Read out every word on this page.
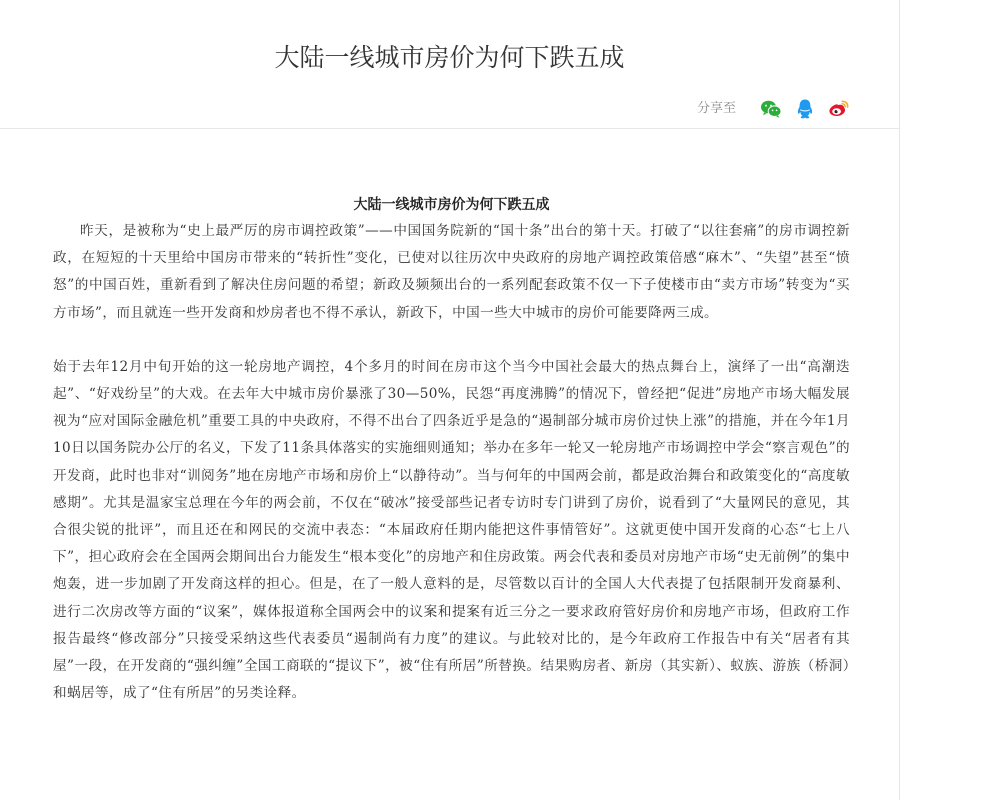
大陆一线城市房价为何下跌五成
分享至
大陆一线城市房价为何下跌五成

昨天，是被称为“史上最严厉的房市调控政策”——中国国务院新的“国十条”出台的第十天。打破了“以往套痛”的房市调控新政，在短短的十天里给中国房市带来的“转折性”变化，已使对以往历次中央政府的房地产调控政策倍感“麻木”、“失望”甚至“愤怒”的中国百姓，重新看到了解决住房问题的希望；新政及频频出台的一系列配套政策不仅一下子使楼市由“卖方市场”转变为“买方市场”，而且就连一些开发商和炒房者也不得不承认，新政下，中国一些大中城市的房价可能要降两三成。

始于去年12月中旬开始的这一轮房地产调控，4个多月的时间在房市这个当今中国社会最大的热点舞台上，演绎了一出“高潮迭起”、“好戏纷呈”的大戏。在去年大中城市房价暴涨了30—50%，民怨“再度沸腾”的情况下，曾经把“促进”房地产市场大幅发展视为“应对国际金融危机”重要工具的中央政府，不得不出台了四条近乎是急的“遏制部分城市房价过快上涨”的措施，并在今年1月10日以国务院办公厅的名义，下发了11条具体落实的实施细则通知；举办在多年一轮又一轮房地产市场调控中学会“察言观色”的开发商，此时也非对“训阅务”地在房地产市场和房价上“以静待动”。当与何年的中国两会前，都是政治舞台和政策变化的“高度敏感期”。尤其是温家宝总理在今年的两会前，不仅在“破冰”接受部些记者专访时专门讲到了房价，说看到了“大量网民的意见，其合很尖锐的批评”，而且还在和网民的交流中表态：“本届政府任期内能把这件事情管好”。这就更使中国开发商的心态“七上八下”，担心政府会在全国两会期间出台力能发生“根本变化”的房地产和住房政策。两会代表和委员对房地产市场“史无前例”的集中炮轰，进一步加剧了开发商这样的担心。但是，在了一般人意料的是，尽管数以百计的全国人大代表提了包括限制开发商暴利、进行二次房改等方面的“议案”，媒体报道称全国两会中的议案和提案有近三分之一要求政府管好房价和房地产市场，但政府工作报告最终“修改部分”只接受采纳这些代表委员“遏制尚有力度”的建议。与此较对比的，是今年政府工作报告中有关“居者有其屋”一段，在开发商的“强纠缠”全国工商联的“提议下”，被“住有所居”所替换。结果购房者、新房（其实新）、蚁族、游族（桥洞）和蜗居等，成了“住有所居”的另类诠释。
